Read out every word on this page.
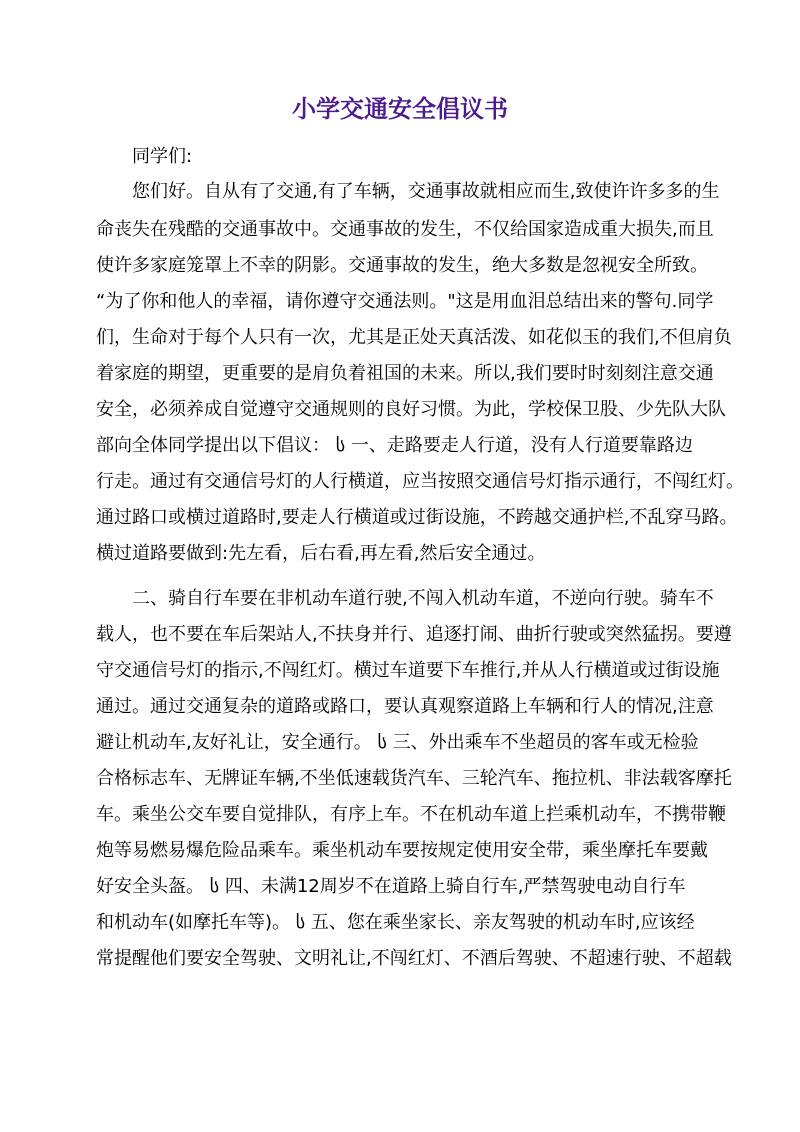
小学交通安全倡议书

同学们:

您们好。自从有了交通,有了车辆，交通事故就相应而生,致使许许多多的生

命丧失在残酷的交通事故中。交通事故的发生，不仅给国家造成重大损失,而且

使许多家庭笼罩上不幸的阴影。交通事故的发生，绝大多数是忽视安全所致。

“为了你和他人的幸福，请你遵守交通法则。"这是用血泪总结出来的警句.同学

们，生命对于每个人只有一次，尤其是正处天真活泼、如花似玉的我们,不但肩负

着家庭的期望，更重要的是肩负着祖国的未来。所以,我们要时时刻刻注意交通

安全，必须养成自觉遵守交通规则的良好习惯。为此，学校保卫股、少先队大队

部向全体同学提出以下倡议： ს 一、走路要走人行道，没有人行道要靠路边

行走。通过有交通信号灯的人行横道，应当按照交通信号灯指示通行，不闯红灯。

通过路口或横过道路时,要走人行横道或过街设施，不跨越交通护栏,不乱穿马路。

横过道路要做到:先左看，后右看,再左看,然后安全通过。

二、骑自行车要在非机动车道行驶,不闯入机动车道，不逆向行驶。骑车不

载人，也不要在车后架站人,不扶身并行、追逐打闹、曲折行驶或突然猛拐。要遵

守交通信号灯的指示,不闯红灯。横过车道要下车推行,并从人行横道或过街设施

通过。通过交通复杂的道路或路口，要认真观察道路上车辆和行人的情况,注意

避让机动车,友好礼让，安全通行。 ს 三、外出乘车不坐超员的客车或无检验

合格标志车、无牌证车辆,不坐低速载货汽车、三轮汽车、拖拉机、非法载客摩托

车。乘坐公交车要自觉排队，有序上车。不在机动车道上拦乘机动车，不携带鞭

炮等易燃易爆危险品乘车。乘坐机动车要按规定使用安全带，乘坐摩托车要戴

好安全头盔。 ს 四、未满12周岁不在道路上骑自行车,严禁驾驶电动自行车

和机动车(如摩托车等)。 ს 五、您在乘坐家长、亲友驾驶的机动车时,应该经

常提醒他们要安全驾驶、文明礼让,不闯红灯、不酒后驾驶、不超速行驶、不超载
